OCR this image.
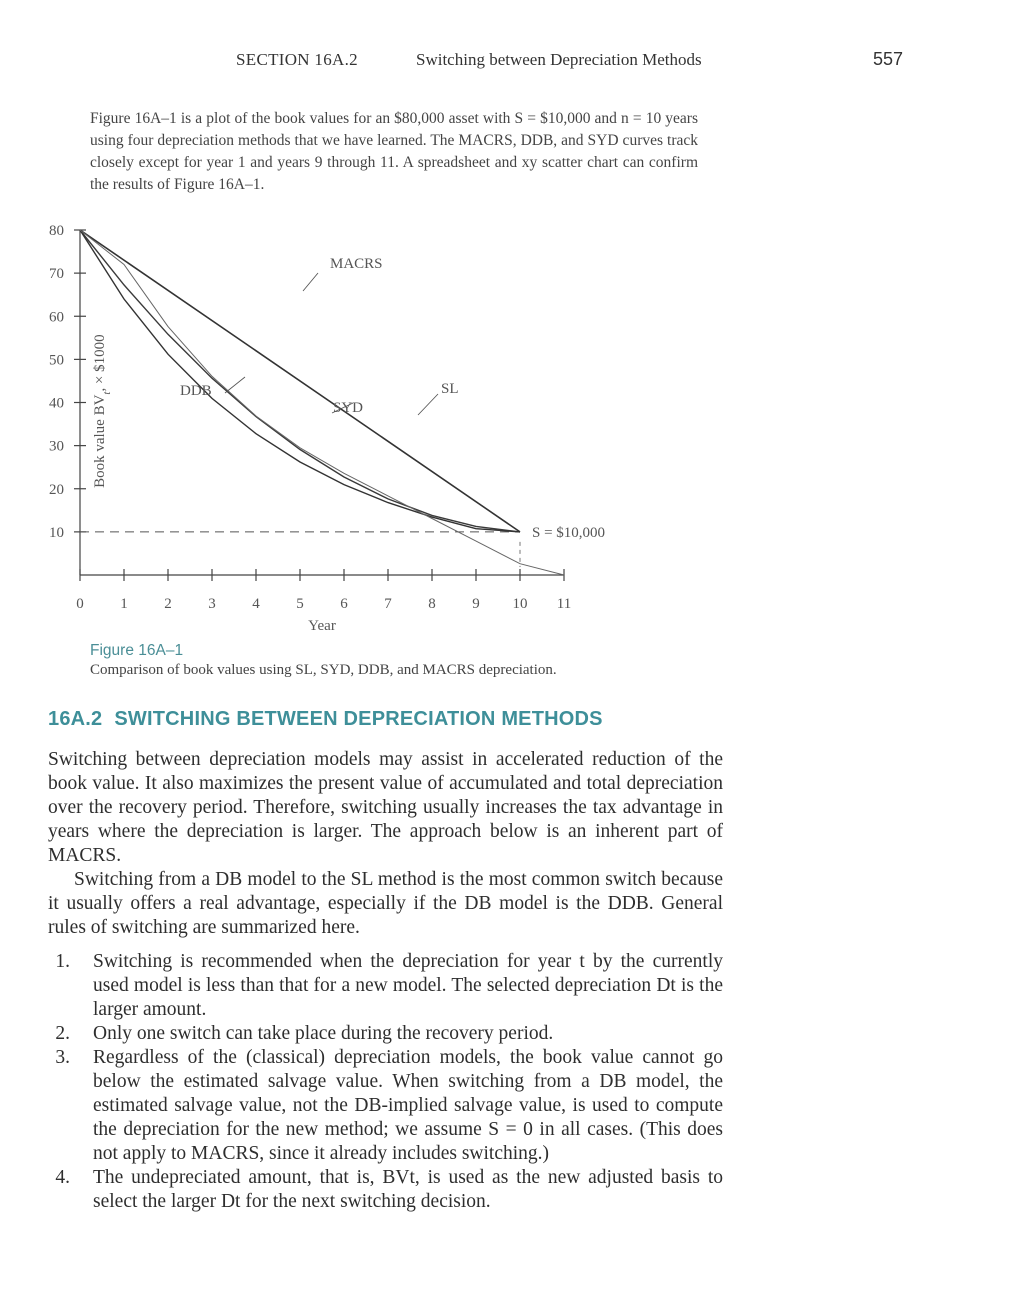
SECTION 16A.2	Switching between Depreciation Methods	557

Figure 16A–1 is a plot of the book values for an $80,000 asset with S = $10,000 and n = 10 years using four depreciation methods that we have learned. The MACRS, DDB, and SYD curves track closely except for year 1 and years 9 through 11. A spreadsheet and xy scatter chart can confirm the results of Figure 16A–1.

0 1 2 3 4 5 6 7 8 9 10 11
10
20
30
40
50
60
70
80
Year
Book value $BV_t$, × $1000
S = $10,000
MACRS
SL
SYD
DDB
Figure 16A–1
Comparison of book values using SL, SYD, DDB, and MACRS depreciation.
16A.2 SWITCHING BETWEEN DEPRECIATION METHODS

Switching between depreciation models may assist in accelerated reduction of the book value. It also maximizes the present value of accumulated and total depreciation over the recovery period. Therefore, switching usually increases the tax advantage in years where the depreciation is larger. The approach below is an inherent part of MACRS.

Switching from a DB model to the SL method is the most common switch because it usually offers a real advantage, especially if the DB model is the DDB. General rules of switching are summarized here.

1. Switching is recommended when the depreciation for year t by the currently used model is less than that for a new model. The selected depreciation Dt is the larger amount.
2. Only one switch can take place during the recovery period.
3. Regardless of the (classical) depreciation models, the book value cannot go below the estimated salvage value. When switching from a DB model, the estimated salvage value, not the DB-implied salvage value, is used to compute the depreciation for the new method; we assume S = 0 in all cases. (This does not apply to MACRS, since it already includes switching.)
4. The undepreciated amount, that is, BVt, is used as the new adjusted basis to select the larger Dt for the next switching decision.
